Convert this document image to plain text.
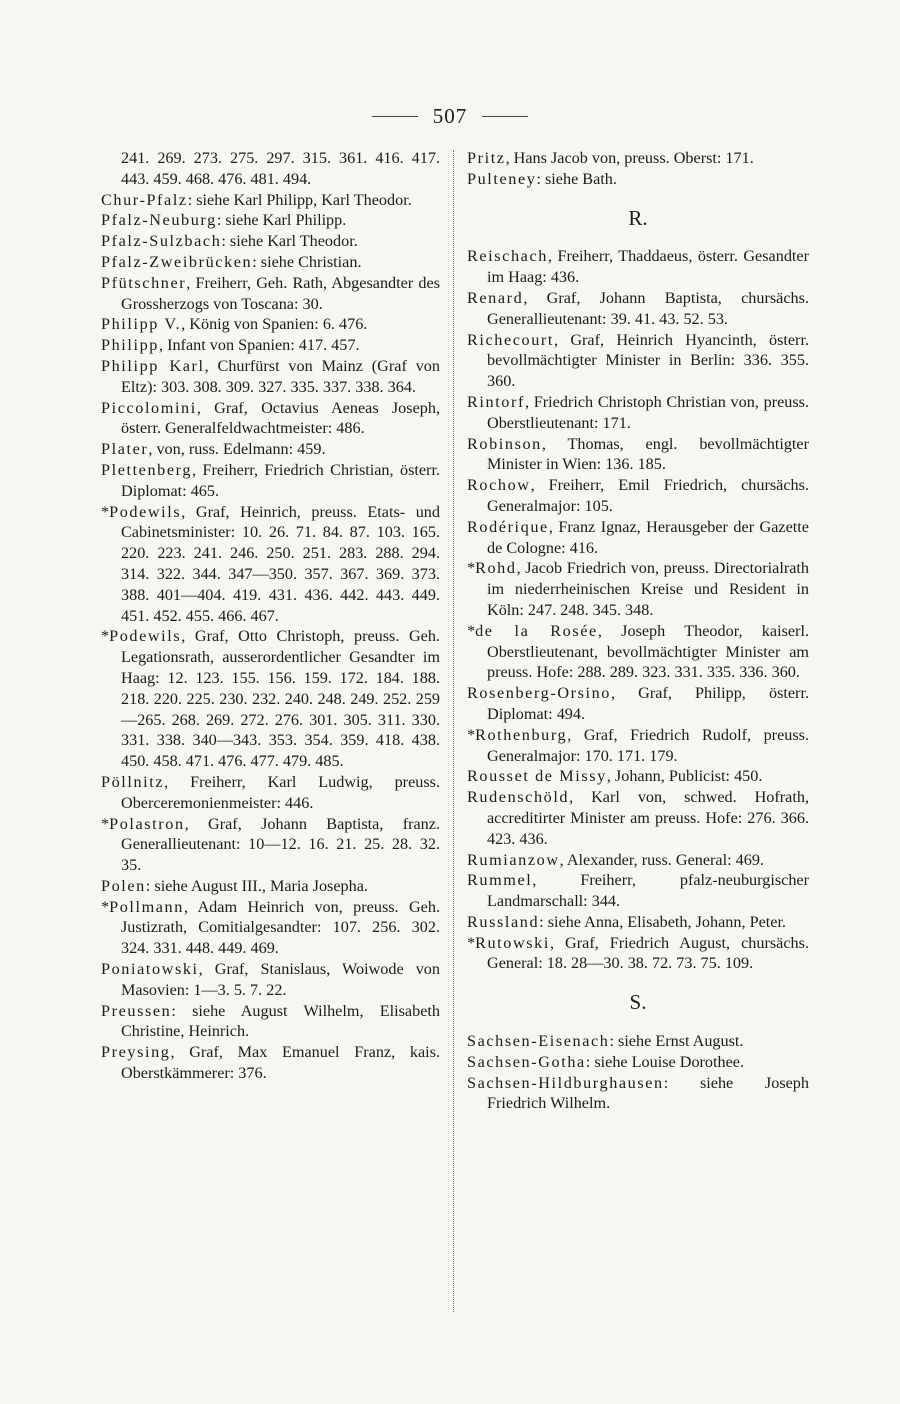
507

241. 269. 273. 275. 297. 315. 361. 416. 417. 443. 459. 468. 476. 481. 494.

Chur-Pfalz: siehe Karl Philipp, Karl Theodor.

Pfalz-Neuburg: siehe Karl Philipp.

Pfalz-Sulzbach: siehe Karl Theodor.

Pfalz-Zweibrücken: siehe Christian.

Pfütschner, Freiherr, Geh. Rath, Abgesandter des Grossherzogs von Toscana: 30.

Philipp V., König von Spanien: 6. 476.

Philipp, Infant von Spanien: 417. 457.

Philipp Karl, Churfürst von Mainz (Graf von Eltz): 303. 308. 309. 327. 335. 337. 338. 364.

Piccolomini, Graf, Octavius Aeneas Joseph, österr. Generalfeldwachtmeister: 486.

Plater, von, russ. Edelmann: 459.

Plettenberg, Freiherr, Friedrich Christian, österr. Diplomat: 465.

*Podewils, Graf, Heinrich, preuss. Etats- und Cabinetsminister: 10. 26. 71. 84. 87. 103. 165. 220. 223. 241. 246. 250. 251. 283. 288. 294. 314. 322. 344. 347—350. 357. 367. 369. 373. 388. 401—404. 419. 431. 436. 442. 443. 449. 451. 452. 455. 466. 467.

*Podewils, Graf, Otto Christoph, preuss. Geh. Legationsrath, ausserordentlicher Gesandter im Haag: 12. 123. 155. 156. 159. 172. 184. 188. 218. 220. 225. 230. 232. 240. 248. 249. 252. 259—265. 268. 269. 272. 276. 301. 305. 311. 330. 331. 338. 340—343. 353. 354. 359. 418. 438. 450. 458. 471. 476. 477. 479. 485.

Pöllnitz, Freiherr, Karl Ludwig, preuss. Oberceremonienmeister: 446.

*Polastron, Graf, Johann Baptista, franz. Generallieutenant: 10—12. 16. 21. 25. 28. 32. 35.

Polen: siehe August III., Maria Josepha.

*Pollmann, Adam Heinrich von, preuss. Geh. Justizrath, Comitialgesandter: 107. 256. 302. 324. 331. 448. 449. 469.

Poniatowski, Graf, Stanislaus, Woiwode von Masovien: 1—3. 5. 7. 22.

Preussen: siehe August Wilhelm, Elisabeth Christine, Heinrich.

Preysing, Graf, Max Emanuel Franz, kais. Oberstkämmerer: 376.

Pritz, Hans Jacob von, preuss. Oberst: 171.

Pulteney: siehe Bath.

R.

Reischach, Freiherr, Thaddaeus, österr. Gesandter im Haag: 436.

Renard, Graf, Johann Baptista, chursächs. Generallieutenant: 39. 41. 43. 52. 53.

Richecourt, Graf, Heinrich Hyancinth, österr. bevollmächtigter Minister in Berlin: 336. 355. 360.

Rintorf, Friedrich Christoph Christian von, preuss. Oberstlieutenant: 171.

Robinson, Thomas, engl. bevollmächtigter Minister in Wien: 136. 185.

Rochow, Freiherr, Emil Friedrich, chursächs. Generalmajor: 105.

Rodérique, Franz Ignaz, Herausgeber der Gazette de Cologne: 416.

*Rohd, Jacob Friedrich von, preuss. Directorialrath im niederrheinischen Kreise und Resident in Köln: 247. 248. 345. 348.

*de la Rosée, Joseph Theodor, kaiserl. Oberstlieutenant, bevollmächtigter Minister am preuss. Hofe: 288. 289. 323. 331. 335. 336. 360.

Rosenberg-Orsino, Graf, Philipp, österr. Diplomat: 494.

*Rothenburg, Graf, Friedrich Rudolf, preuss. Generalmajor: 170. 171. 179.

Rousset de Missy, Johann, Publicist: 450.

Rudenschöld, Karl von, schwed. Hofrath, accreditirter Minister am preuss. Hofe: 276. 366. 423. 436.

Rumianzow, Alexander, russ. General: 469.

Rummel, Freiherr, pfalz-neuburgischer Landmarschall: 344.

Russland: siehe Anna, Elisabeth, Johann, Peter.

*Rutowski, Graf, Friedrich August, chursächs. General: 18. 28—30. 38. 72. 73. 75. 109.

S.

Sachsen-Eisenach: siehe Ernst August.

Sachsen-Gotha: siehe Louise Dorothee.

Sachsen-Hildburghausen: siehe Joseph Friedrich Wilhelm.
